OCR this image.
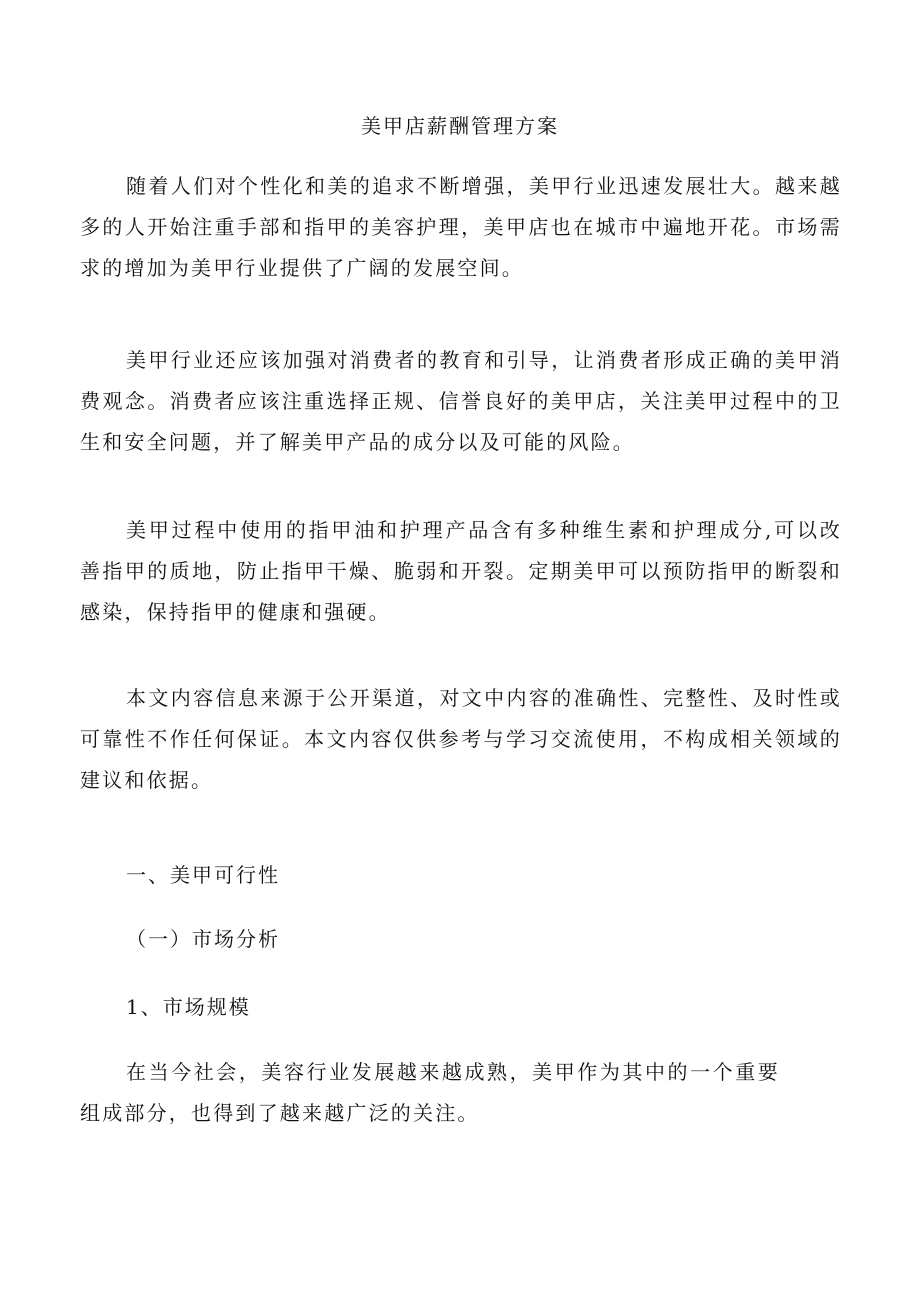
美甲店薪酬管理方案

随着人们对个性化和美的追求不断增强，美甲行业迅速发展壮大。越来越多的人开始注重手部和指甲的美容护理，美甲店也在城市中遍地开花。市场需求的增加为美甲行业提供了广阔的发展空间。

美甲行业还应该加强对消费者的教育和引导，让消费者形成正确的美甲消费观念。消费者应该注重选择正规、信誉良好的美甲店，关注美甲过程中的卫生和安全问题，并了解美甲产品的成分以及可能的风险。

美甲过程中使用的指甲油和护理产品含有多种维生素和护理成分,可以改善指甲的质地，防止指甲干燥、脆弱和开裂。定期美甲可以预防指甲的断裂和感染，保持指甲的健康和强硬。

本文内容信息来源于公开渠道，对文中内容的准确性、完整性、及时性或可靠性不作任何保证。本文内容仅供参考与学习交流使用，不构成相关领域的建议和依据。

一、美甲可行性
（一）市场分析
1、市场规模

在当今社会，美容行业发展越来越成熟，美甲作为其中的一个重要组成部分，也得到了越来越广泛的关注。
